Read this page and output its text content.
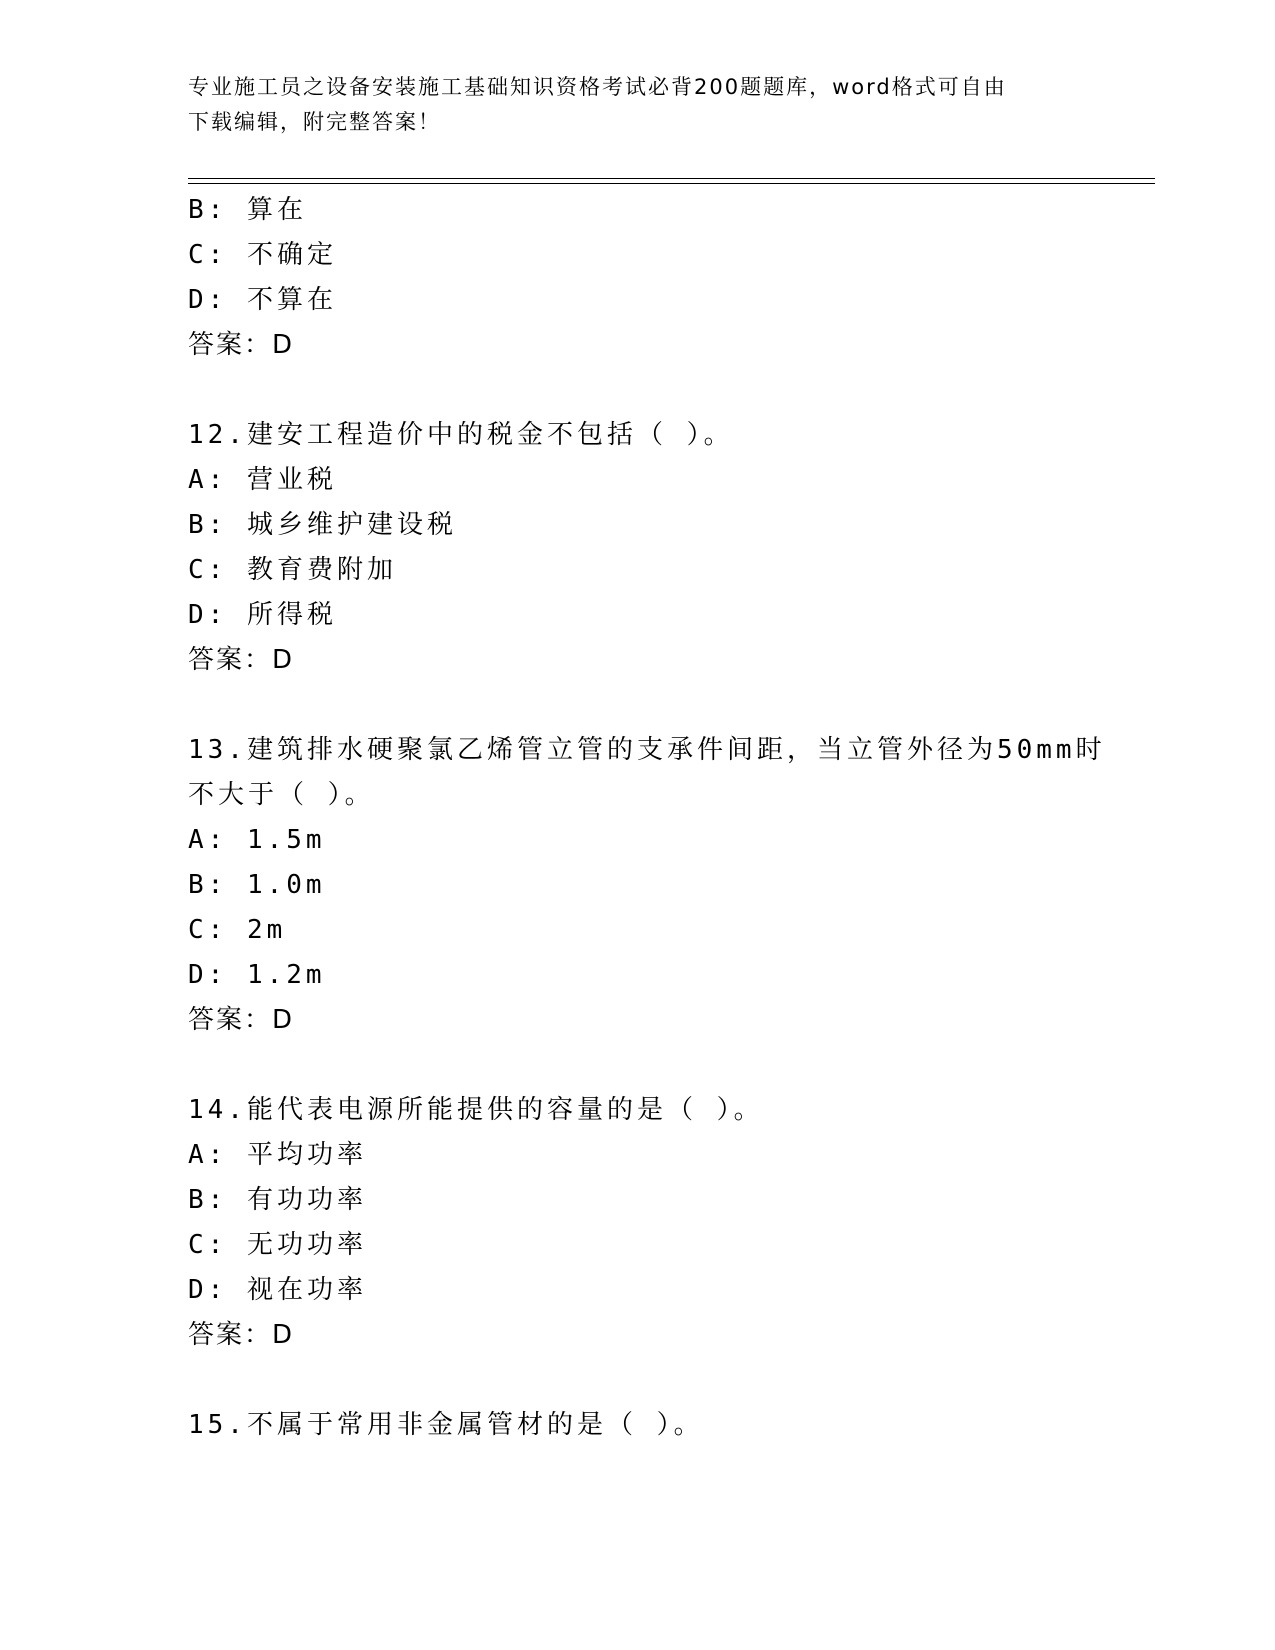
专业施工员之设备安装施工基础知识资格考试必背200题题库，word格式可自由
下载编辑，附完整答案！
B: 算在
C: 不确定
D: 不算在
答案：D
12.建安工程造价中的税金不包括（ ）。
A: 营业税
B: 城乡维护建设税
C: 教育费附加
D: 所得税
答案：D
13.建筑排水硬聚氯乙烯管立管的支承件间距，当立管外径为50mm时
不大于（ ）。
A: 1.5m
B: 1.0m
C: 2m
D: 1.2m
答案：D
14.能代表电源所能提供的容量的是（ ）。
A: 平均功率
B: 有功功率
C: 无功功率
D: 视在功率
答案：D
15.不属于常用非金属管材的是（ ）。
